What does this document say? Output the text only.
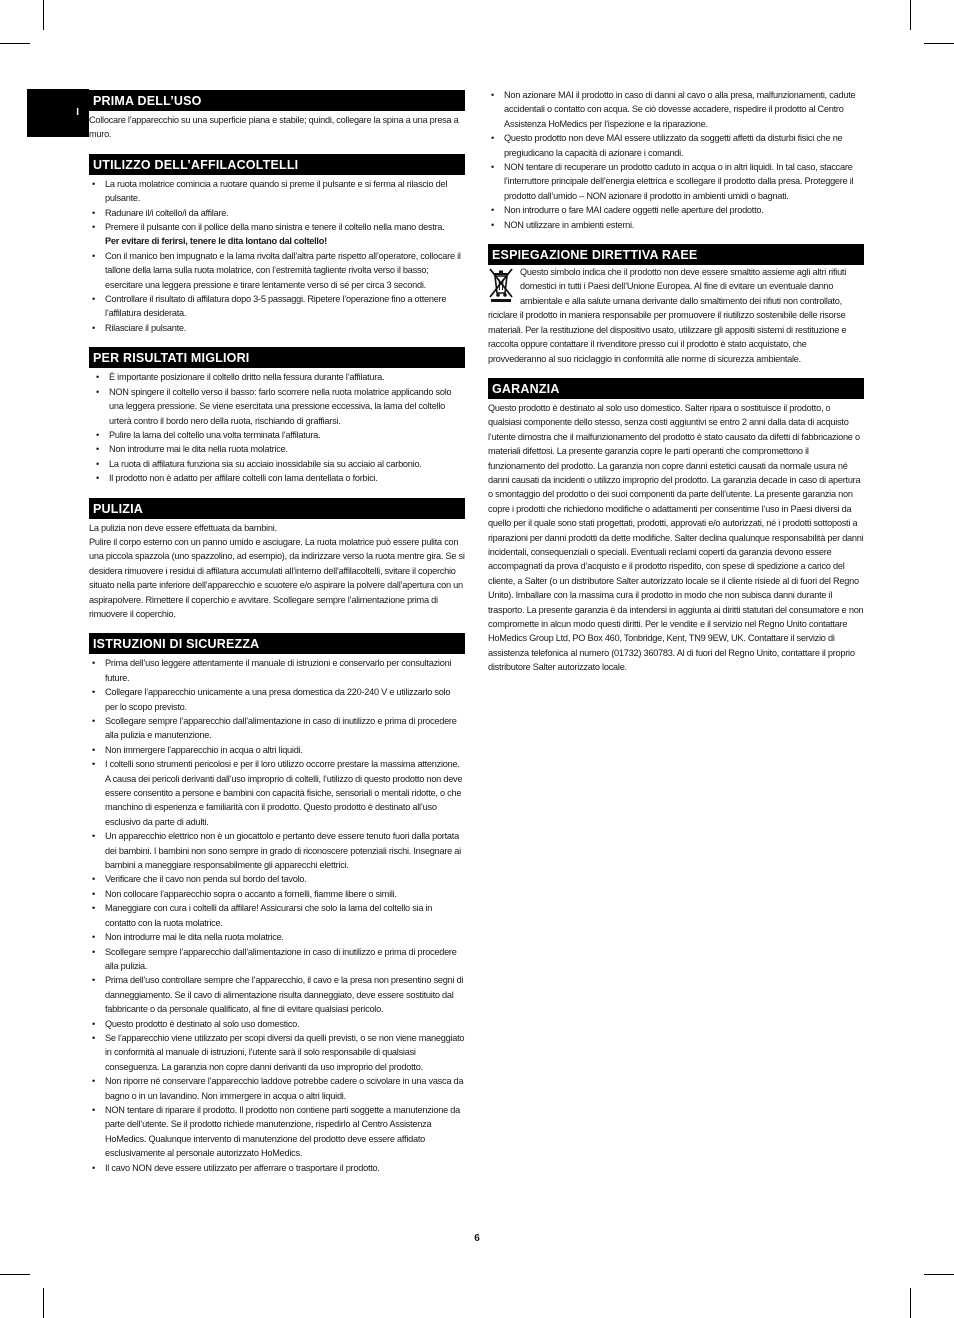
I
PRIMA DELL’USO

Collocare l’apparecchio su una superficie piana e stabile; quindi, collegare la spina a una presa a muro.

UTILIZZO DELL’AFFILACOLTELLI
• La ruota molatrice comincia a ruotare quando si preme il pulsante e si ferma al rilascio del pulsante.
• Radunare il/i coltello/i da affilare.
• Premere il pulsante con il pollice della mano sinistra e tenere il coltello nella mano destra.
Per evitare di ferirsi, tenere le dita lontano dal coltello!
• Con il manico ben impugnato e la lama rivolta dall’altra parte rispetto all’operatore, collocare il tallone della lama sulla ruota molatrice, con l’estremità tagliente rivolta verso il basso; esercitare una leggera pressione e tirare lentamente verso di sé per circa 3 secondi.
• Controllare il risultato di affilatura dopo 3-5 passaggi. Ripetere l’operazione fino a ottenere l’affilatura desiderata.
• Rilasciare il pulsante.
PER RISULTATI MIGLIORI
• È importante posizionare il coltello dritto nella fessura durante l’affilatura.
• NON spingere il coltello verso il basso: farlo scorrere nella ruota molatrice applicando solo una leggera pressione. Se viene esercitata una pressione eccessiva, la lama del coltello urterà contro il bordo nero della ruota, rischiando di graffiarsi.
• Pulire la lama del coltello una volta terminata l’affilatura.
• Non introdurre mai le dita nella ruota molatrice.
• La ruota di affilatura funziona sia su acciaio inossidabile sia su acciaio al carbonio.
• Il prodotto non è adatto per affilare coltelli con lama dentellata o forbici.
PULIZIA

La pulizia non deve essere effettuata da bambini.

Pulire il corpo esterno con un panno umido e asciugare. La ruota molatrice può essere pulita con una piccola spazzola (uno spazzolino, ad esempio), da indirizzare verso la ruota mentre gira. Se si desidera rimuovere i residui di affilatura accumulati all’interno dell’affilacoltelli, svitare il coperchio situato nella parte inferiore dell’apparecchio e scuotere e/o aspirare la polvere dall’apertura con un aspirapolvere. Rimettere il coperchio e avvitare. Scollegare sempre l’alimentazione prima di rimuovere il coperchio.

ISTRUZIONI DI SICUREZZA
• Prima dell’uso leggere attentamente il manuale di istruzioni e conservarlo per consultazioni future.
• Collegare l’apparecchio unicamente a una presa domestica da 220-240 V e utilizzarlo solo per lo scopo previsto.
• Scollegare sempre l’apparecchio dall’alimentazione in caso di inutilizzo e prima di procedere alla pulizia e manutenzione.
• Non immergere l’apparecchio in acqua o altri liquidi.
• I coltelli sono strumenti pericolosi e per il loro utilizzo occorre prestare la massima attenzione. A causa dei pericoli derivanti dall’uso improprio di coltelli, l’utilizzo di questo prodotto non deve essere consentito a persone e bambini con capacità fisiche, sensoriali o mentali ridotte, o che manchino di esperienza e familiarità con il prodotto. Questo prodotto è destinato all’uso esclusivo da parte di adulti.
• Un apparecchio elettrico non è un giocattolo e pertanto deve essere tenuto fuori dalla portata dei bambini. I bambini non sono sempre in grado di riconoscere potenziali rischi. Insegnare ai bambini a maneggiare responsabilmente gli apparecchi elettrici.
• Verificare che il cavo non penda sul bordo del tavolo.
• Non collocare l’apparecchio sopra o accanto a fornelli, fiamme libere o simili.
• Maneggiare con cura i coltelli da affilare! Assicurarsi che solo la lama del coltello sia in contatto con la ruota molatrice.
• Non introdurre mai le dita nella ruota molatrice.
• Scollegare sempre l’apparecchio dall’alimentazione in caso di inutilizzo e prima di procedere alla pulizia.
• Prima dell’uso controllare sempre che l’apparecchio, il cavo e la presa non presentino segni di danneggiamento. Se il cavo di alimentazione risulta danneggiato, deve essere sostituito dal fabbricante o da personale qualificato, al fine di evitare qualsiasi pericolo.
• Questo prodotto è destinato al solo uso domestico.
• Se l’apparecchio viene utilizzato per scopi diversi da quelli previsti, o se non viene maneggiato in conformità al manuale di istruzioni, l’utente sarà il solo responsabile di qualsiasi conseguenza. La garanzia non copre danni derivanti da uso improprio del prodotto.
• Non riporre né conservare l’apparecchio laddove potrebbe cadere o scivolare in una vasca da bagno o in un lavandino. Non immergere in acqua o altri liquidi.
• NON tentare di riparare il prodotto. Il prodotto non contiene parti soggette a manutenzione da parte dell’utente. Se il prodotto richiede manutenzione, rispedirlo al Centro Assistenza HoMedics. Qualunque intervento di manutenzione del prodotto deve essere affidato esclusivamente al personale autorizzato HoMedics.
• Il cavo NON deve essere utilizzato per afferrare o trasportare il prodotto.
• Non azionare MAI il prodotto in caso di danni al cavo o alla presa, malfunzionamenti, cadute accidentali o contatto con acqua. Se ciò dovesse accadere, rispedire il prodotto al Centro Assistenza HoMedics per l’ispezione e la riparazione.
• Questo prodotto non deve MAI essere utilizzato da soggetti affetti da disturbi fisici che ne pregiudicano la capacità di azionare i comandi.
• NON tentare di recuperare un prodotto caduto in acqua o in altri liquidi. In tal caso, staccare l’interruttore principale dell’energia elettrica e scollegare il prodotto dalla presa. Proteggere il prodotto dall’umido – NON azionare il prodotto in ambienti umidi o bagnati.
• Non introdurre o fare MAI cadere oggetti nelle aperture del prodotto.
• NON utilizzare in ambienti esterni.
ESPIEGAZIONE DIRETTIVA RAEE
Questo simbolo indica che il prodotto non deve essere smaltito assieme agli altri rifiuti domestici in tutti i Paesi dell’Unione Europea. Al fine di evitare un eventuale danno ambientale e alla salute umana derivante dallo smaltimento dei rifiuti non controllato, riciclare il prodotto in maniera responsabile per promuovere il riutilizzo sostenibile delle risorse materiali. Per la restituzione del dispositivo usato, utilizzare gli appositi sistemi di restituzione e raccolta oppure contattare il rivenditore presso cui il prodotto è stato acquistato, che provvederanno al suo riciclaggio in conformità alle norme di sicurezza ambientale.
GARANZIA

Questo prodotto è destinato al solo uso domestico. Salter ripara o sostituisce il prodotto, o qualsiasi componente dello stesso, senza costi aggiuntivi se entro 2 anni dalla data di acquisto l’utente dimostra che il malfunzionamento del prodotto è stato causato da difetti di fabbricazione o materiali difettosi. La presente garanzia copre le parti operanti che compromettono il funzionamento del prodotto. La garanzia non copre danni estetici causati da normale usura né danni causati da incidenti o utilizzo improprio del prodotto. La garanzia decade in caso di apertura o smontaggio del prodotto o dei suoi componenti da parte dell’utente. La presente garanzia non copre i prodotti che richiedono modifiche o adattamenti per consentirne l’uso in Paesi diversi da quello per il quale sono stati progettati, prodotti, approvati e/o autorizzati, né i prodotti sottoposti a riparazioni per danni prodotti da dette modifiche. Salter declina qualunque responsabilità per danni incidentali, consequenziali o speciali. Eventuali reclami coperti da garanzia devono essere accompagnati da prova d’acquisto e il prodotto rispedito, con spese di spedizione a carico del cliente, a Salter (o un distributore Salter autorizzato locale se il cliente risiede al di fuori del Regno Unito). Imballare con la massima cura il prodotto in modo che non subisca danni durante il trasporto. La presente garanzia è da intendersi in aggiunta ai diritti statutari del consumatore e non compromette in alcun modo questi diritti. Per le vendite e il servizio nel Regno Unito contattare HoMedics Group Ltd, PO Box 460, Tonbridge, Kent, TN9 9EW, UK. Contattare il servizio di assistenza telefonica al numero (01732) 360783. Al di fuori del Regno Unito, contattare il proprio distributore Salter autorizzato locale.

6
